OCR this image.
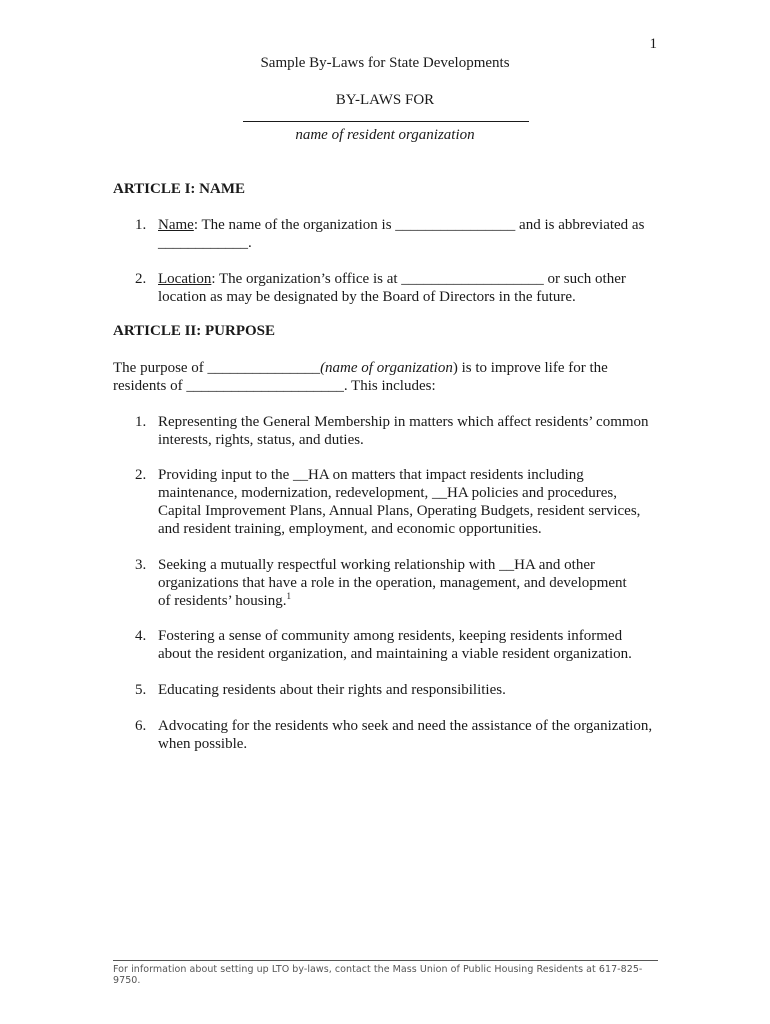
1
Sample By-Laws for State Developments
BY-LAWS FOR
name of resident organization
ARTICLE I: NAME
1. Name: The name of the organization is ________________ and is abbreviated as
____________.
2. Location: The organization’s office is at ___________________ or such other
location as may be designated by the Board of Directors in the future.
ARTICLE II: PURPOSE
The purpose of _______________(name of organization) is to improve life for the
residents of _____________________. This includes:
1. Representing the General Membership in matters which affect residents’ common
interests, rights, status, and duties.
2. Providing input to the __HA on matters that impact residents including
maintenance, modernization, redevelopment, __HA policies and procedures,
Capital Improvement Plans, Annual Plans, Operating Budgets, resident services,
and resident training, employment, and economic opportunities.
3. Seeking a mutually respectful working relationship with __HA and other
organizations that have a role in the operation, management, and development
of residents’ housing.$^1$
4. Fostering a sense of community among residents, keeping residents informed
about the resident organization, and maintaining a viable resident organization.
5. Educating residents about their rights and responsibilities.
6. Advocating for the residents who seek and need the assistance of the organization,
when possible.
For information about setting up LTO by-laws, contact the Mass Union of Public Housing Residents at 617-825-9750.
